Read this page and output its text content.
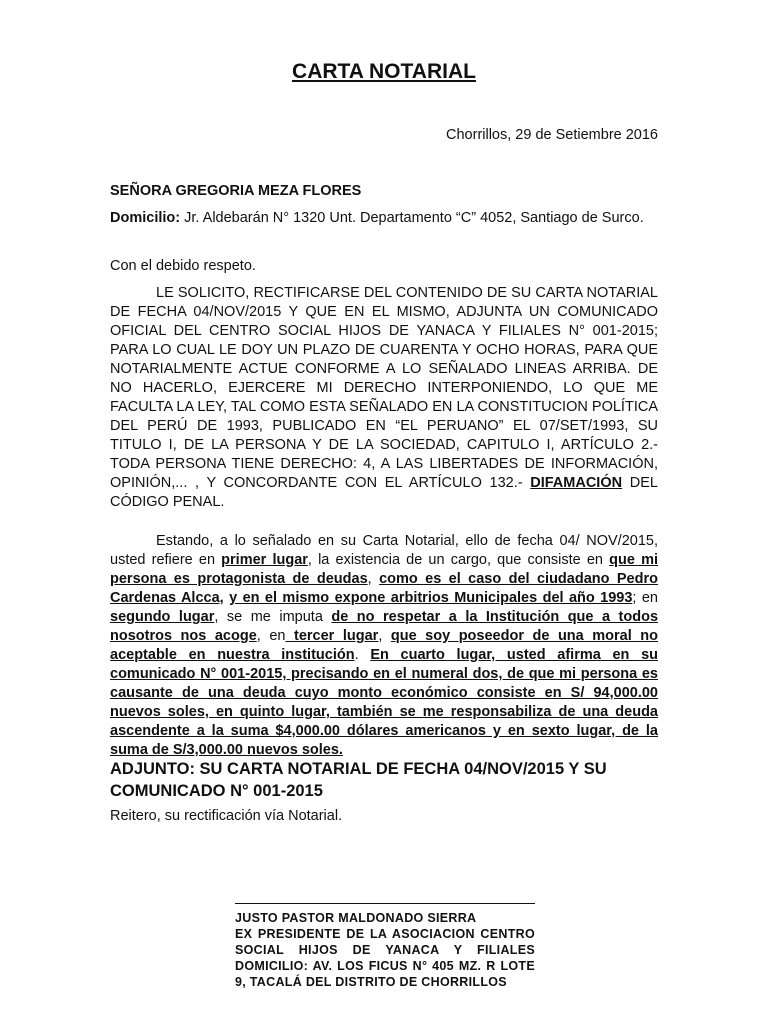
CARTA NOTARIAL
Chorrillos, 29 de Setiembre 2016
SEÑORA GREGORIA MEZA FLORES
Domicilio: Jr. Aldebarán N° 1320 Unt. Departamento “C” 4052, Santiago de Surco.
Con el debido respeto.
LE SOLICITO, RECTIFICARSE DEL CONTENIDO DE SU CARTA NOTARIAL DE FECHA 04/NOV/2015 Y QUE EN EL MISMO, ADJUNTA UN COMUNICADO OFICIAL DEL CENTRO SOCIAL HIJOS DE YANACA Y FILIALES N° 001-2015; PARA LO CUAL LE DOY UN PLAZO DE CUARENTA Y OCHO HORAS, PARA QUE NOTARIALMENTE ACTUE CONFORME A LO SEÑALADO LINEAS ARRIBA. DE NO HACERLO, EJERCERE MI DERECHO INTERPONIENDO, LO QUE ME FACULTA LA LEY, TAL COMO ESTA SEÑALADO EN LA CONSTITUCION POLÍTICA DEL PERÚ DE 1993, PUBLICADO EN “EL PERUANO” EL 07/SET/1993, SU TITULO I, DE LA PERSONA Y DE LA SOCIEDAD, CAPITULO I, ARTÍCULO 2.- TODA PERSONA TIENE DERECHO: 4, A LAS LIBERTADES DE INFORMACIÓN, OPINIÓN,... , Y CONCORDANTE CON EL ARTÍCULO 132.- DIFAMACIÓN DEL CÓDIGO PENAL.
Estando, a lo señalado en su Carta Notarial, ello de fecha 04/ NOV/2015, usted refiere en primer lugar, la existencia de un cargo, que consiste en que mi persona es protagonista de deudas, como es el caso del ciudadano Pedro Cardenas Alcca, y en el mismo expone arbitrios Municipales del año 1993; en segundo lugar, se me imputa de no respetar a la Institución que a todos nosotros nos acoge, en tercer lugar, que soy poseedor de una moral no aceptable en nuestra institución. En cuarto lugar, usted afirma en su comunicado N° 001-2015, precisando en el numeral dos, de que mi persona es causante de una deuda cuyo monto económico consiste en S/ 94,000.00 nuevos soles, en quinto lugar, también se me responsabiliza de una deuda ascendente a la suma $4,000.00 dólares americanos y en sexto lugar, de la suma de S/3,000.00 nuevos soles.
ADJUNTO: SU CARTA NOTARIAL DE FECHA 04/NOV/2015 Y SU COMUNICADO N° 001-2015
Reitero, su rectificación vía Notarial.
JUSTO PASTOR MALDONADO SIERRA
EX PRESIDENTE DE LA ASOCIACION CENTRO SOCIAL HIJOS DE YANACA Y FILIALES DOMICILIO: AV. LOS FICUS N° 405 MZ. R LOTE 9, TACALÁ DEL DISTRITO DE CHORRILLOS
